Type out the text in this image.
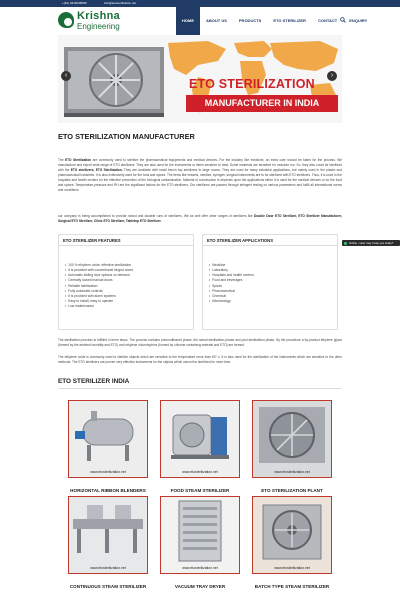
+(91) 9415048090	info@etosterilization.net
Krishna
Engineering
HOME	ABOUT US	PRODUCTS	ETO STERILIZER	CONTACT	ENQUIRY
‹	›
ETO STERILIZATION
MANUFACTURER IN INDIA
ETO STERILIZATION MANUFACTURER

The ETO Sterilization are commonly used to sterilize the pharmaceutical equipments and medical devices. For the industry like medicine, an extra care should be taken for the process. We manufacture and export wide range of ETO sterilizers. They are also used for the instruments or items sensitive to heat. Some materials are sensitive for moisture too. So, they also could be sterilized with the ETO sterilizers, ETO Sterilization. They are available with small bench top sterilizers to large rooms. They are used for many industrial applications, but mainly used in the plastic and pharmaceutical industries. It is also extensively used for the food and spices. The items like vessels, needles, syringes, surgical instruments are to be sterilized with ETO sterilizers. Thus, it is used in the hospitals and health centers for the effective prevention of the biological contamination. Material of construction is depends upon the applications either it is used for the medical devices or for the food and spices. Temperature,pressure and RH are the significant factors for the ETO sterilizers. Our sterilizers are passed through stringent testing on various parameters and fulfill all international norms and conditions.

our company is being accomplished to provide robust and durable runs of sterilizers, We as well offer other ranges of sterilizers like Double Door ETO Sterilizer, ETO Sterilizer Manufacturer, Surgical ETO Sterilizer, Clinic ETO Sterilizer, Tabletop ETO Sterilizer.

ETO STERILIZER FEATURES
• 100 % ethylene oxide; effective sterilization
• It is provided with conventional hinged doors
• Automatic sliding door options on demand
• Centrally locked manual doors
• Reliable sterilization
• Fully automatic controls
• It is provided with alarm systems
• Easy to install, easy to operate
• Low maintenance
ETO STERILIZER APPLICATIONS
• Medicine
• Laboratory
• Hospitals and health centers
• Food and beverages
• Spices
• Pharmaceutical
• Chemical
• Microbiology

The sterilization process is fulfilled in three steps. The process contains preconditioned phase, the actual sterilization phase and post sterilization phase. By the procedure a by-product ethylene glycol (formed by the ambient humidity and ETO) and ethylene chlorohydrins (formed by chlorine containing material and ETO) are formed.

The ethylene oxide is commonly used to sterilize objects which are sensitive to the temperature more than 60° c. It is also used for the sterilization of the instruments which are sensitive to the other methods. The ETO sterilizers are proven very effective instruments for the objects which cannot be sterilized for more time.

ETO STERILIZER INDIA
www.etosterilization.net
HORIZONTAL RIBBON BLENDERS
www.etosterilization.net
FOOD STEAM STERILIZER
www.etosterilization.net
ETO STERILIZATION PLANT
www.etosterilization.net
CONTINUOUS STEAM STERILIZER
www.etosterilization.net
VACUUM TRAY DRYER
www.etosterilization.net
BATCH TYPE STEAM STERILIZER
Online - How may I help you today?
